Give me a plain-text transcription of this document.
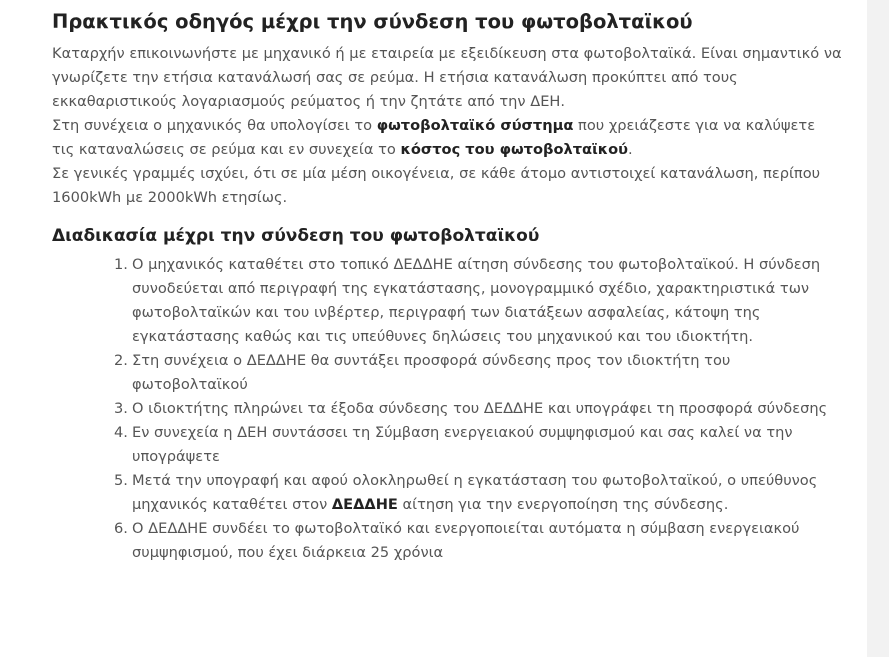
Πρακτικός οδηγός μέχρι την σύνδεση του φωτοβολταϊκού

Καταρχήν επικοινωνήστε με μηχανικό ή με εταιρεία με εξειδίκευση στα φωτοβολταϊκά. Είναι σημαντικό να γνωρίζετε την ετήσια κατανάλωσή σας σε ρεύμα. Η ετήσια κατανάλωση προκύπτει από τους εκκαθαριστικούς λογαριασμούς ρεύματος ή την ζητάτε από την ΔΕΗ.

Στη συνέχεια ο μηχανικός θα υπολογίσει το φωτοβολταϊκό σύστημα που χρειάζεστε για να καλύψετε τις καταναλώσεις σε ρεύμα και εν συνεχεία το κόστος του φωτοβολταϊκού.

Σε γενικές γραμμές ισχύει, ότι σε μία μέση οικογένεια, σε κάθε άτομο αντιστοιχεί κατανάλωση, περίπου 1600kWh με 2000kWh ετησίως.

Διαδικασία μέχρι την σύνδεση του φωτοβολταϊκού
1. Ο μηχανικός καταθέτει στο τοπικό ΔΕΔΔΗΕ αίτηση σύνδεσης του φωτοβολταϊκού. Η σύνδεση συνοδεύεται από περιγραφή της εγκατάστασης, μονογραμμικό σχέδιο, χαρακτηριστικά των φωτοβολταϊκών και του ινβέρτερ, περιγραφή των διατάξεων ασφαλείας, κάτοψη της εγκατάστασης καθώς και τις υπεύθυνες δηλώσεις του μηχανικού και του ιδιοκτήτη.
2. Στη συνέχεια ο ΔΕΔΔΗΕ θα συντάξει προσφορά σύνδεσης προς τον ιδιοκτήτη του φωτοβολταϊκού
3. Ο ιδιοκτήτης πληρώνει τα έξοδα σύνδεσης του ΔΕΔΔΗΕ και υπογράφει τη προσφορά σύνδεσης
4. Εν συνεχεία η ΔΕΗ συντάσσει τη Σύμβαση ενεργειακού συμψηφισμού και σας καλεί να την υπογράψετε
5. Μετά την υπογραφή και αφού ολοκληρωθεί η εγκατάσταση του φωτοβολταϊκού, ο υπεύθυνος μηχανικός καταθέτει στον ΔΕΔΔΗΕ αίτηση για την ενεργοποίηση της σύνδεσης.
6. Ο ΔΕΔΔΗΕ συνδέει το φωτοβολταϊκό και ενεργοποιείται αυτόματα η σύμβαση ενεργειακού συμψηφισμού, που έχει διάρκεια 25 χρόνια
